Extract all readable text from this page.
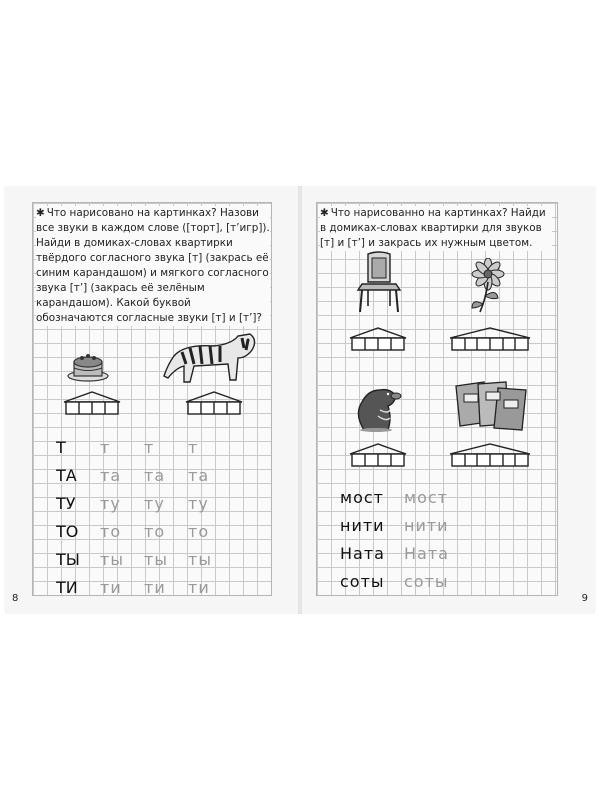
✱ Что нарисовано на картинках? Назови все звуки в каждом слове ([торт], [т’игр]). Найди в домиках-словах квартирки твёрдого согласного звука [т] (закрась её синим карандашом) и мягкого согласного звука [т’] (закрась её зелёным карандашом). Какой буквой обозначаются согласные звуки [т] и [т’]?
Т	т	т	т
ТА	та	та	та
ТУ	ту	ту	ту
ТО	то	то	то
ТЫ	ты	ты	ты
ТИ	ти	ти	ти
8
✱ Что нарисованно на картинках? Найди в домиках-словах квартирки для звуков [т] и [т’] и закрась их нужным цветом.
мост	мост
нити	нити
Ната	Ната
соты	соты
9
